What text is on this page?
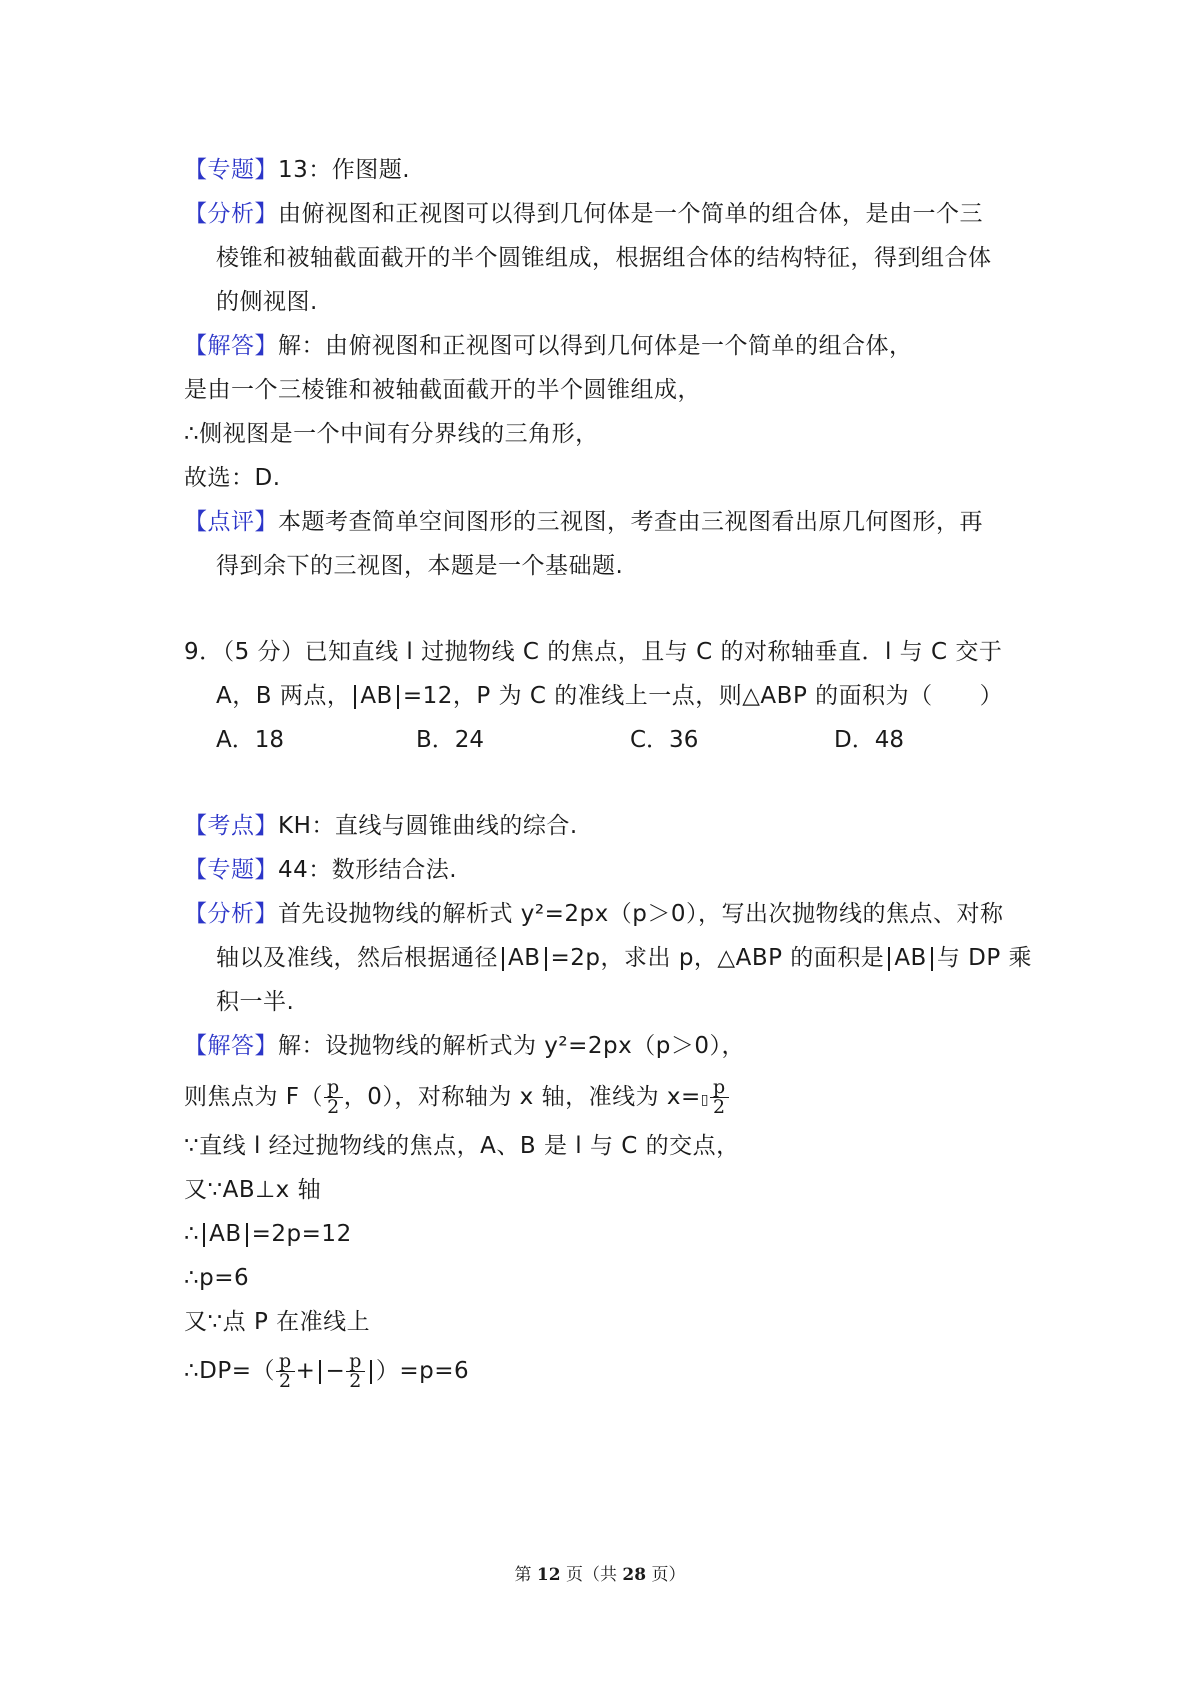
【专题】13：作图题.
【分析】由俯视图和正视图可以得到几何体是一个简单的组合体，是由一个三
棱锥和被轴截面截开的半个圆锥组成，根据组合体的结构特征，得到组合体
的侧视图.
【解答】解：由俯视图和正视图可以得到几何体是一个简单的组合体，
是由一个三棱锥和被轴截面截开的半个圆锥组成，
∴侧视图是一个中间有分界线的三角形，
故选：D.
【点评】本题考查简单空间图形的三视图，考查由三视图看出原几何图形，再
得到余下的三视图，本题是一个基础题.
9．（5 分）已知直线 l 过抛物线 C 的焦点，且与 C 的对称轴垂直．l 与 C 交于
A，B 两点， AB =12，P 为 C 的准线上一点，则△ABP 的面积为（　　）
A．18	B．24	C．36	D．48
【考点】KH：直线与圆锥曲线的综合.
【专题】44：数形结合法.
【分析】首先设抛物线的解析式 y²=2px（p＞0），写出次抛物线的焦点、对称
轴以及准线，然后根据通径 AB =2p，求出 p，△ABP 的面积是 AB 与 DP 乘
积一半.
【解答】解：设抛物线的解析式为 y²=2px（p＞0），
则焦点为 $F( \frac{p}{2}$ ，0），对称轴为 x 轴，准线为 x=▯ $\frac{p}{2}$
∵直线 l 经过抛物线的焦点，A、B 是 l 与 C 的交点，
又∵AB⊥x 轴
∴ AB =2p=12
∴p=6
又∵点 P 在准线上
∴DP=（ $\frac{p}{2}$ + − $\frac{p}{2} )=p=6$
第 12 页（共 28 页）
